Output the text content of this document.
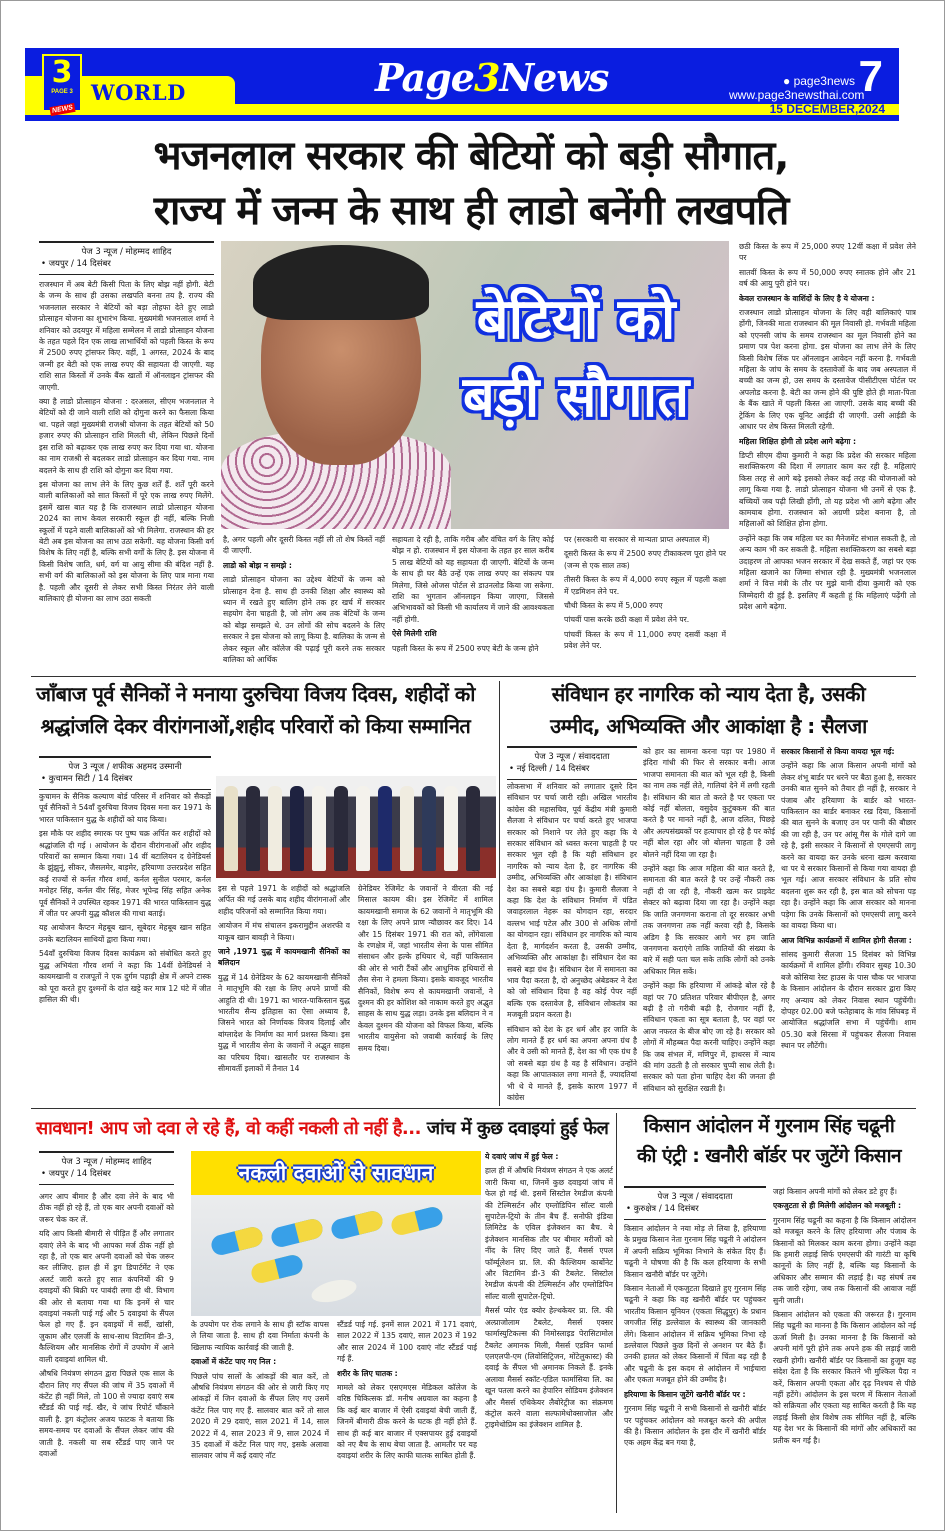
3
PAGE 3
NEWS
WORLD	Page3News	● page3news
www.page3newsthai.com
7
15 DECEMBER,2024
भजनलाल सरकार की बेटियों को बड़ी सौगात,
राज्य में जन्म के साथ ही लाडो बनेंगी लखपति
पेज 3 न्यूज / मोहम्मद शाहिद
• जयपुर / 14 दिसंबर

राजस्थान में अब बेटी किसी पिता के लिए बोझ नहीं होगी. बेटी के जन्म के साथ ही उसका लखपति बनना तय है. राज्य की भजनलाल सरकार ने बेटियों को बड़ा तोहफा देते हुए लाडो प्रोत्साहन योजना का शुभारंभ किया. मुख्यमंत्री भजनलाल शर्मा ने शनिवार को उदयपुर में महिला सम्मेलन में लाडो प्रोत्साहन योजना के तहत पहले दिन एक लाख लाभार्थियों को पहली किस्त के रूप में 2500 रुपए ट्रांसफर किए. वहीं, 1 अगस्त, 2024 के बाद जन्मी हर बेटी को एक लाख रुपए की सहायता दी जाएगी. यह राशि सात किस्तों में उनके बैंक खातों में ऑनलाइन ट्रांसफर की जाएगी.

क्या है लाडो प्रोत्साहन योजना : दरअसल, सीएम भजनलाल ने बेटियों को दी जाने वाली राशि को दोगुना करने का फैसला किया था. पहले जहां मुख्यमंत्री राजश्री योजना के तहत बेटियों को 50 हजार रुपए की प्रोत्साहन राशि मिलती थी, लेकिन पिछले दिनों इस राशि को बढ़ाकर एक लाख रुपए कर दिया गया था. योजना का नाम राजश्री से बदलकर लाडो प्रोत्साहन कर दिया गया. नाम बदलने के साथ ही राशि को दोगुना कर दिया गया.

इस योजना का लाभ लेने के लिए कुछ शर्तें हैं. शर्तें पूरी करने वाली बालिकाओं को सात किस्तों में पूरे एक लाख रुपए मिलेंगे. इसमें खास बात यह है कि राजस्थान लाडो प्रोत्साहन योजना 2024 का लाभ केवल सरकारी स्कूल ही नहीं, बल्कि निजी स्कूलों में पढ़ने वाली बालिकाओं को भी मिलेगा. राजस्थान की हर बेटी अब इस योजना का लाभ उठा सकेगी. यह योजना किसी वर्ग विशेष के लिए नहीं है, बल्कि सभी वर्गों के लिए है. इस योजना में किसी विशेष जाति, धर्म, वर्ग या आयु सीमा की बंदिश नहीं है. सभी वर्ग की बालिकाओं को इस योजना के लिए पात्र माना गया है. पहली और दूसरी से लेकर सभी किस्त निरंतर लेने वाली बालिकाएं ही योजना का लाभ उठा सकती

बेटियों को
बड़ी सौगात

है, अगर पहली और दूसरी किस्त नहीं ली तो शेष किस्तें नहीं दी जाएगी.

लाडो को बोझ न समझे :

लाडो प्रोत्साहन योजना का उद्देश्य बेटियों के जन्म को प्रोत्साहन देना है. साथ ही उनकी शिक्षा और स्वास्थ्य को ध्यान में रखते हुए बालिग होने तक हर खर्च में सरकार सहयोग देना चाहती है, जो लोग अब तक बेटियों के जन्म को बोझ समझते थे. उन लोगों की सोच बदलने के लिए सरकार ने इस योजना को लागू किया है. बालिका के जन्म से लेकर स्कूल और कॉलेज की पढ़ाई पूरी करने तक सरकार बालिका को आर्थिक

सहायता दे रही है, ताकि गरीब और वंचित वर्ग के लिए कोई बोझ न हो. राजस्थान में इस योजना के तहत हर साल करीब 5 लाख बेटियों को यह सहायता दी जाएगी. बेटियों के जन्म के साथ ही घर बैठे उन्हें एक लाख रुपए का संकल्प पत्र मिलेगा, जिसे ओजस पोर्टल से डाउनलोड किया जा सकेगा. राशि का भुगतान ऑनलाइन किया जाएगा, जिससे अभिभावकों को किसी भी कार्यालय में जाने की आवश्यकता नहीं होगी.

ऐसे मिलेगी राशि

पहली किस्त के रूप में 2500 रुपए बेटी के जन्म होने

पर (सरकारी या सरकार से मान्यता प्राप्त अस्पताल में)

दूसरी किस्त के रूप में 2500 रुपए टीकाकरण पूरा होने पर (जन्म से एक साल तक)

तीसरी किस्त के रूप में 4,000 रुपए स्कूल में पहली कक्षा में एडमिशन लेने पर.

चौथी किस्त के रूप में 5,000 रुपए

पांचवीं पास करके छठी कक्षा में प्रवेश लेने पर.

पांचवीं किस्त के रूप में 11,000 रुपए दसवीं कक्षा में प्रवेश लेने पर.

छठी किस्त के रूप में 25,000 रुपए 12वीं कक्षा में प्रवेश लेने पर

सातवीं किस्त के रूप में 50,000 रुपए स्नातक होने और 21 वर्ष की आयु पूरी होने पर।

केवल राजस्थान के वाशिंदों के लिए है ये योजना :

राजस्थान लाडो प्रोत्साहन योजना के लिए वही बालिकाएं पात्र होंगी, जिनकी माता राजस्थान की मूल निवासी हो. गर्भवती महिला को एएनसी जांच के समय राजस्थान का मूल निवासी होने का प्रमाण पत्र पेश करना होगा. इस योजना का लाभ लेने के लिए किसी विशेष लिंक पर ऑनलाइन आवेदन नहीं करना है. गर्भवती महिला के जांच के समय के दस्तावेजों के बाद जब अस्पताल में बच्ची का जन्म हो, उस समय के दस्तावेज पीसीटीएस पोर्टल पर अपलोड करना है. बेटी का जन्म होने की पुष्टि होते ही माता-पिता के बैंक खाते में पहली किस्त आ जाएगी. उसके बाद बच्ची की ट्रेकिंग के लिए एक यूनिट आईडी दी जाएगी. उसी आईडी के आधार पर शेष किस्त मिलती रहेगी.

महिला शिक्षित होगी तो प्रदेश आगे बढ़ेगा :

डिप्टी सीएम दीया कुमारी ने कहा कि प्रदेश की सरकार महिला सशक्तिकरण की दिशा में लगातार काम कर रही है. महिलाएं किस तरह से आगे बढ़े इसको लेकर कई तरह की योजनाओं को लागू किया गया है. लाडो प्रोत्साहन योजना भी उनमें से एक है. बच्चियों जब पढ़ी लिखी होंगी, तो यह प्रदेश भी आगे बढ़ेगा और कामयाब होगा. राजस्थान को अग्रणी प्रदेश बनाना है, तो महिलाओं को शिक्षित होना होगा.

उन्होंने कहा कि जब महिला घर का मैनेजमेंट संभाल सकती है, तो अन्य काम भी कर सकती है. महिला सशक्तिकरण का सबसे बड़ा उदाहरण तो आपका भजन सरकार में देख सकते हैं, जहां पर एक महिला खजाने का जिम्मा संभाल रही है. मुख्यमंत्री भजनलाल शर्मा ने वित्त मंत्री के तौर पर मुझे यानी दीया कुमारी को एक जिम्मेदारी दी हुई है. इसलिए मैं कहती हूं कि महिलाएं पढ़ेंगी तो प्रदेश आगे बढ़ेगा.

जाँबाज पूर्व सैनिकों ने मनाया दुरुचिया विजय दिवस, शहीदों को
श्रद्धांजलि देकर वीरांगनाओं,शहीद परिवारों को किया सम्मानित
पेज 3 न्यूज / शफीक अहमद उस्मानी
• कुचामन सिटी / 14 दिसंबर

कुचामन के सैनिक कल्याण बोर्ड परिसर में शनिवार को सैकड़ों पूर्व सैनिकों ने 54वाँ दुरुचिया विजय दिवस मना कर 1971 के भारत पाकिस्तान युद्ध के शहीदों को याद किया।

इस मौके पर शहीद स्मारक पर पुष्प चक्र अर्पित कर शहीदों को श्रद्धांजलि दी गई । आयोजन के दौरान वीरांगनाओं और शहीद परिवारों का सम्मान किया गया। 14 वीं बटालियन द ग्रेनेडियर्स के झुंझुनूं, सीकर, जैसलमेर, बाड़मेर, हरियाणा उत्तरप्रदेश सहित कई राज्यों से कर्नल गौरव शर्मा, कर्नल सुनील परमार, कर्नल मनोहर सिंह, कर्नल वीर सिंह, मेजर भूपेन्द्र सिंह सहित अनेक पूर्व सैनिकों ने उपस्थित रहकर 1971 की भारत पाकिस्तान युद्ध में जीत पर अपनी युद्ध कौशल की गाथा बताई।

यह आयोजन कैप्टन मेहबूब खान, सूबेदार मेहबूब खान सहित उनके बटालियन साथियों द्वारा किया गया।

54वाँ दुरुचिया विजय दिवस कार्यक्रम को संबोधित करते हुए युद्ध अभियंता गौरव शर्मा ने कहा कि 14वीं ग्रेनेडियर्स ने कायमखानी व राजपूतों ने एक दुर्गम पहाड़ी क्षेत्र में अपने टास्क को पूरा करते हुए दुश्मनों के दांत खट्टे कर मात्र 12 घंटे में जीत हासिल की थी।

इस से पहले 1971 के शहीदों को श्रद्धांजलि अर्पित की गई उसके बाद शहीद वीरांगनाओं और शहीद परिजनों को सम्मानित किया गया।

आयोजन में मंच संचालन इकरामुद्दीन अशरफी व याकूब खान बावड़ी ने किया।

जाने ,1971 युद्ध में कायमखानी सैनिकों का बलिदान

युद्ध में 14 ग्रेनेडियर के 62 कायमखानी सैनिकों ने मातृभूमि की रक्षा के लिए अपने प्राणों की आहुति दी थी। 1971 का भारत-पाकिस्तान युद्ध भारतीय सैन्य इतिहास का ऐसा अध्याय है, जिसने भारत को निर्णायक विजय दिलाई और बांग्लादेश के निर्माण का मार्ग प्रशस्त किया। इस युद्ध में भारतीय सेना के जवानों ने अद्भुत साहस का परिचय दिया। खासतौर पर राजस्थान के सीमावर्ती इलाकों में तैनात 14

ग्रेनेडियर रेजिमेंट के जवानों ने वीरता की नई मिसाल कायम की। इस रेजिमेंट में शामिल कायमखानी समाज के 62 जवानों ने मातृभूमि की रक्षा के लिए अपने प्राण न्यौछावर कर दिए। 14 और 15 दिसंबर 1971 की रात को, लोंगेवाला के रणक्षेत्र में, जहां भारतीय सेना के पास सीमित संसाधन और हल्के हथियार थे, वहीं पाकिस्तान की ओर से भारी टैंकों और आधुनिक हथियारों से लैस सेना ने हमला किया। इसके बावजूद भारतीय सैनिकों, विशेष रूप से कायमखानी जवानों, ने दुश्मन की हर कोशिश को नाकाम करते हुए अद्भुत साहस के साथ युद्ध लड़ा। उनके इस बलिदान ने न केवल दुश्मन की योजना को विफल किया, बल्कि भारतीय वायुसेना को जवाबी कार्रवाई के लिए समय दिया।

संविधान हर नागरिक को न्याय देता है, उसकी
उम्मीद, अभिव्यक्ति और आकांक्षा है : सैलजा
पेज 3 न्यूज / संवाददाता
• नई दिल्ली / 14 दिसंबर

लोकसभा में शनिवार को लगातार दूसरे दिन संविधान पर चर्चा जारी रही। अखिल भारतीय कांग्रेस की महासचिव, पूर्व केंद्रीय मंत्री कुमारी सैलजा ने संविधान पर चर्चा करते हुए भाजपा सरकार को निशाने पर लेते हुए कहा कि ये सरकार संविधान को ध्वस्त करना चाहती है पर सरकार भूल रही है कि यही संविधान हर नागरिक को न्याय देता है, हर नागरिक की उम्मीद, अभिव्यक्ति और आकांक्षा है। संविधान देश का सबसे बड़ा ग्रंथ है। कुमारी सैलजा ने कहा कि देश के संविधान निर्माण में पंडित जवाहरलाल नेहरू का योगदान रहा, सरदार वल्लभ भाई पटेल और 300 से अधिक लोगों का योगदान रहा। संविधान हर नागरिक को न्याय देता है, मार्गदर्शन करता है, उसकी उम्मीद, अभिव्यक्ति और आकांक्षा है। संविधान देश का सबसे बड़ा ग्रंथ है। संविधान देश में समानता का भाव पैदा करता है, दो अनुच्छेद अंबेडकर ने देश को जो संविधान दिया है वह कोई पेपर नहीं बल्कि एक दस्तावेज है, संविधान लोकतंत्र का मजबूती प्रदान करता है।

संविधान को देश के हर धर्म और हर जाति के लोग मानते हैं हर धर्म का अपना अपना ग्रंथ है और वे उसी को मानते हैं, देश का भी एक ग्रंथ है जो सबसे बड़ा ग्रंथ है वह है संविधान। उन्होंने कहा कि आपातकाल लगा मानते हैं, ज्यादतियां भी थे ये मानते हैं, इसके कारण 1977 में कांग्रेस

को हार का सामना करना पड़ा पर 1980 में इंदिरा गांधी की फिर से सरकार बनी। आज भाजपा समानता की बात को भूल रही है, किसी का नाम तक नहीं लेते, गालियां देने में लगी रहती है। संविधान की बात तो करते है पर एकता पर कोई नहीं बोलता, वसुदेव कुटुंबकम की बात करते है पर मानते नहीं है, आज दलित, पिछड़े और अल्पसंख्यकों पर हत्याचार हो रहे है पर कोई नहीं बोल रहा और जो बोलना चाहता है उसे बोलने नहीं दिया जा रहा है।

उन्होंने कहा कि आज महिला की बात करते है, समानता की बात करते है पर उन्हें नौकरी तक नहीं दी जा रही है, नौकरी खत्म कर प्राइवेट सेक्टर को बढ़ावा दिया जा रहा है। उन्होंने कहा कि जाति जनगणना कराना तो दूर सरकार अभी तक जनगणना तक नहीं करवा रही है, किसके अडिग है कि सरकार आगे भर हम जाति जनगणना कराएंगे ताकि जातियों की संख्या के बारे में सही पता चल सके ताकि लोगों को उनके अधिकार मिल सकें।

उन्होंने कहा कि हरियाणा में आंकड़े बोल रहे है वहां पर 70 प्रतिशत परिवार बीपीएल है, अगर बढ़ी है तो गरीबी बढ़ी है, रोजगार नहीं है, संविधान एकता का सूत्र बताता है, पर वहां पर आज नफरत के बीज बोए जा रहे है। सरकार को लोगों में मौहब्बत पैदा करनी चाहिए। उन्होंने कहा कि जब संभल में, मणिपुर में, हाथरस में न्याय की मांग उठती है तो सरकार चुप्पी साध लेती है। सरकार को पता होना चाहिए देश की जनता ही संविधान को सुरक्षित रखती है।

सरकार किसानों से किया वायदा भूल गई:

उन्होंने कहा कि आज किसान अपनी मांगों को लेकर शंभू बार्डर पर धरने पर बैठा हुआ है, सरकार उनकी बात सुनने को तैयार ही नहीं है, सरकार ने पंजाब और हरियाणा के बार्डर को भारत-पाकिस्तान का बार्डर बनाकर रख दिया, किसानों की बात सुनने के बजाए उन पर पानी की बौछार की जा रही है, उन पर आंसू गैस के गोले दागे जा रहे है, इसी सरकार ने किसानों से एमएसपी लागू करने का वायदा कर उनके धरना खत्म करवाया था पर ये सरकार किसानों से किया गया वायदा ही भूल गई। आज सरकार संविधान के प्रति सोच बदलना शुरू कर रही है, इस बात को सोचना पड़ रहा है। उन्होंने कहा कि आज सरकार को मानना पड़ेगा कि उनके किसानों को एमएसपी लागू करने का वायदा किया था।

आज विभिन्न कार्यक्रमों में शामिल होगी सैलजा :

सांसद कुमारी सैलजा 15 दिसंबर को विभिन्न कार्यक्रमों में शामिल होंगी। रविवार सुबह 10.30 बजे कोसिया रेस्ट हाउस के पास चौक पर भाजपा के किसान आंदोलन के दौरान सरकार द्वारा किए गए अन्याय को लेकर निवास स्थान पहुंचेंगी। दोपहर 02.00 बजे फतेहाबाद के गांव सिंघबड़ में आयोजित श्रद्धांजलि सभा में पहुंचेंगी। शाम 05.30 बजे सिरसा में पहुंचकर सैलजा निवास स्थान पर लौटेंगी।

सावधान! आप जो दवा ले रहे हैं, वो कहीं नकली तो नहीं है... जांच में कुछ दवाइयां हुई फेल
पेज 3 न्यूज / मोहम्मद शाहिद
• जयपुर / 14 दिसंबर

अगर आप बीमार है और दवा लेने के बाद भी ठीक नहीं हो रहे हैं, तो एक बार अपनी दवाओं को जरूर चेक कर लें.

यदि आप किसी बीमारी से पीड़ित हैं और लगातार दवाएं लेने के बाद भी आपका मर्ज ठीक नहीं हो रहा है, तो एक बार अपनी दवाओं को चेक जरूर कर लीजिए. हाल ही में ड्रग डिपार्टमेंट ने एक अलर्ट जारी करते हुए सात कंपनियों की 9 दवाइयों की बिक्री पर पाबंदी लगा दी थी. विभाग की ओर से बताया गया था कि इनमें से चार दवाइयां नकली पाई गई और 5 दवाइयां के सैंपल फेल हो गए हैं. इन दवाइयों में सर्दी, खांसी, जुकाम और एलर्जी के साथ-साथ विटामिन डी-3, कैल्शियम और मानसिक रोगों में उपयोग में आने वाली दवाइयां शामिल थी.

औषधि नियंत्रण संगठन द्वारा पिछले एक साल के दौरान लिए गए सैंपल की जांच में 35 दवाओं में कंटेंट ही नहीं मिले, तो 100 से ज्यादा दवाएं सब स्टैंडर्ड की पाई गई. खैर, ये जांच रिपोर्ट चौंकाने वाली है. ड्रग कंट्रोलर अजय फाटक ने बताया कि समय-समय पर दवाओं के सैंपल लेकर जांच की जाती है. नकली या सब स्टैंडर्ड पाए जाने पर दवाओं

नकली दवाओं से सावधान

के उपयोग पर रोक लगाने के साथ ही स्टॉक वापस ले लिया जाता है. साथ ही दवा निर्माता कंपनी के खिलाफ न्यायिक कार्रवाई की जाती है.

दवाओं में कंटेंट पाए गए निल :

पिछले पांच सालों के आंकड़ों की बात करें, तो औषधि नियंत्रण संगठन की ओर से जारी किए गए आंकड़ों में जिन दवाओं के सैंपल लिए गए उसमें कंटेंट निल पाए गए हैं. सालवार बात करें तो साल 2020 में 29 दवाएं, साल 2021 में 14, साल 2022 में 4, साल 2023 में 9, साल 2024 में 35 दवाओं में कंटेंट निल पाए गए, इसके अलावा सालवार जांच में कई दवाएं नॉट

स्टैंडर्ड पाई गई. इनमें साल 2021 में 171 दवाएं, साल 2022 में 135 दवाएं, साल 2023 में 192 और साल 2024 में 100 दवाएं नॉट स्टैंडर्ड पाई गई हैं.

शरीर के लिए घातक :

मामले को लेकर एसएमएस मेडिकल कॉलेज के वरिष्ठ चिकित्सक डॉ. मनीष अग्रवाल का कहना है कि कई बार बाजार में ऐसी दवाइयां बेची जाती हैं, जिनमें बीमारी ठीक करने के घटक ही नहीं होते हैं. साथ ही कई बार बाजार में एक्सपायर हुई दवाइयों को नए बैच के साथ बेचा जाता है. आमतौर पर यह दवाइयां शरीर के लिए काफी घातक साबित होती हैं.

ये दवाएं जांच में हुई फेल :

हाल ही में औषधि नियंत्रण संगठन ने एक अलर्ट जारी किया था, जिनमें कुछ दवाइयां जांच में फेल हो गई थी. इसमें सिस्टोल रेमडीज कंपनी की टेल्मिसर्टन और एम्लोडिपिन सॉल्ट वाली सुपाटेल-ट्रियो के तीन बैच हैं. सनोफी इंडिया लिमिटेड के एविल इंजेक्शन का बैच. ये इंजेक्शन मानसिक तौर पर बीमार मरीजों को नींद के लिए दिए जाते हैं, मैसर्स एपल फॉर्म्यूलेशन प्रा. लि. की कैल्शियम कार्बोनेट और विटामिन डी-3 की टैबलेट. सिस्टोल रेमडीज कंपनी की टेल्मिसर्टन और एम्लोडिपिन सॉल्ट वाली सुपाटेल-ट्रियो.

मैसर्स प्योर एंड क्योर हेल्थकेयर प्रा. लि. की अल्प्राजोलाम टैबलेट, मैसर्स एक्सर फार्मास्युटिकल्स की निमोस्लाइड पेरासिटामोल टैबलेट अमानक मिली, मैसर्स एडविन फार्मा एलएलपी-एम (लिवोसिट्रिजन, मोंटेलुकास्ट) की दवाई के सैंपल भी अमानक निकले हैं. इनके अलावा मैसर्स स्कॉट-एडिल फार्मासिया लि. का खून पतला करने का हेपारिन सोडियम इंजेक्शन और मैसर्स एथिकेयर लैबोरेट्रीज का संक्रमण कंट्रोल करने वाला सल्फामेथोक्साजोल और ट्राइमेथोप्रिम का इंजेक्शन शामिल है.

किसान आंदोलन में गुरनाम सिंह चढूनी
की एंट्री : खनौरी बॉर्डर पर जुटेंगे किसान
पेज 3 न्यूज / संवाददाता
• कुरुक्षेत्र / 14 दिसंबर

किसान आंदोलन ने नया मोड़ ले लिया है, हरियाणा के प्रमुख किसान नेता गुरनाम सिंह चढूनी ने आंदोलन में अपनी सक्रिय भूमिका निभाने के संकेत दिए हैं। चढूनी ने घोषणा की है कि कल हरियाणा के सभी किसान खनौरी बॉर्डर पर जुटेंगे।

किसान नेताओं में एकजुटता दिखाते हुए गुरनाम सिंह चढूनी ने कहा कि वह खनौरी बॉर्डर पर पहुंचकर भारतीय किसान यूनियन (एकता सिद्धूपुर) के प्रधान जगजीत सिंह डल्लेवाल के स्वास्थ्य की जानकारी लेंगे। किसान आंदोलन में सक्रिय भूमिका निभा रहे डल्लेवाल पिछले कुछ दिनों से अनशन पर बैठे हैं। उनकी हालत को लेकर किसानों में चिंता बढ़ रही है और चढूनी के इस कदम से आंदोलन में भाईचारा और एकता मजबूत होने की उम्मीद है।

हरियाणा के किसान जुटेंगे खनौरी बॉर्डर पर :

गुरनाम सिंह चढूनी ने सभी किसानों से खनौरी बॉर्डर पर पहुंचकर आंदोलन को मजबूत करने की अपील की है। किसान आंदोलन के इस दौर में खनौरी बॉर्डर एक अहम केंद्र बन गया है,

जहां किसान अपनी मांगों को लेकर डटे हुए हैं।

एकजुटता से ही मिलेगी आंदोलन को मजबूती :

गुरनाम सिंह चढूनी का कहना है कि किसान आंदोलन को मजबूत करने के लिए हरियाणा और पंजाब के किसानों को मिलकर काम करना होगा। उन्होंने कहा कि हमारी लड़ाई सिर्फ एमएसपी की गारंटी या कृषि कानूनों के लिए नहीं है, बल्कि यह किसानों के अधिकार और सम्मान की लड़ाई है। यह संघर्ष तब तक जारी रहेगा, जब तक किसानों की आवाज नहीं सुनी जाती।

किसान आंदोलन को एकता की जरूरत है। गुरनाम सिंह चढूनी का मानना है कि किसान आंदोलन को नई ऊर्जा मिली है। उनका मानना है कि किसानों को अपनी मांगें पूरी होने तक अपने हक की लड़ाई जारी रखनी होगी। खनौरी बॉर्डर पर किसानों का हुजूम यह संदेश देता है कि सरकार कितने भी मुश्किल पैदा न करें, किसान अपनी एकता और दृढ़ निश्चय से पीछे नहीं हटेंगे। आंदोलन के इस चरण में किसान नेताओं को सक्रियता और एकता यह साबित करती है कि यह लड़ाई किसी क्षेत्र विशेष तक सीमित नहीं है, बल्कि यह देश भर के किसानों की मांगों और अधिकारों का प्रतीक बन गई है।
